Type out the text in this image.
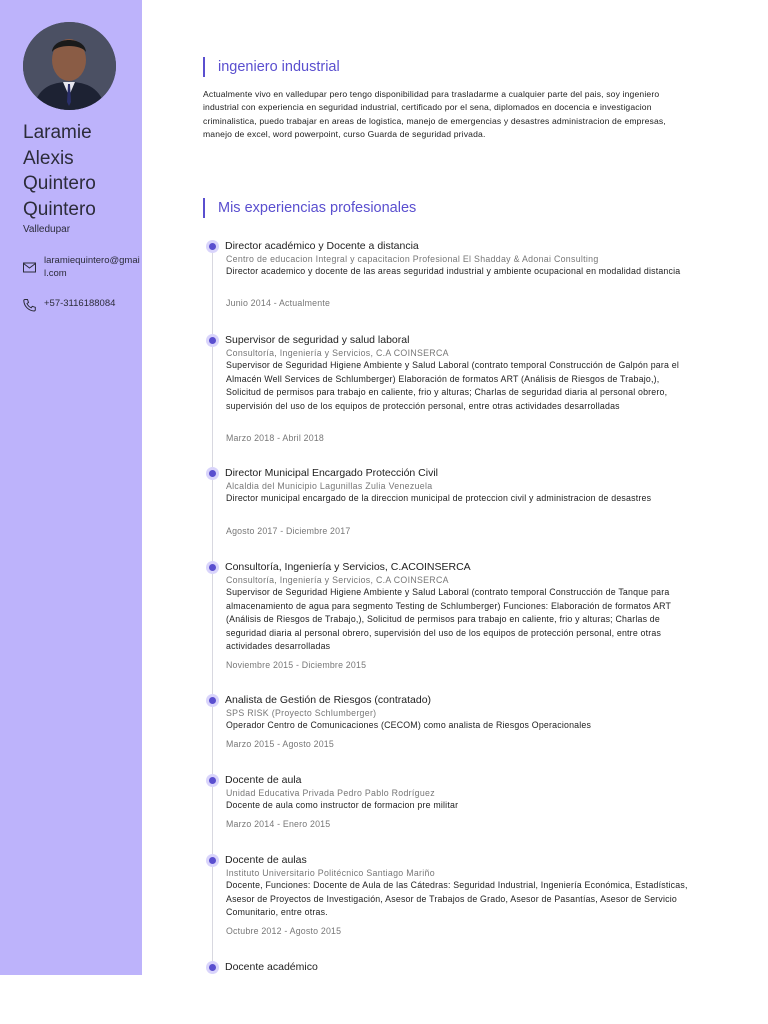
Laramie
Alexis
Quintero
Quintero
Valledupar
laramiequintero@gmail.com
+57-3116188084
ingeniero industrial

Actualmente vivo en valledupar pero tengo disponibilidad para trasladarme a cualquier parte del pais, soy ingeniero industrial con experiencia en seguridad industrial, certificado por el sena, diplomados en docencia e investigacion criminalistica, puedo trabajar en areas de logistica, manejo de emergencias y desastres administracion de empresas, manejo de excel, word powerpoint, curso Guarda de seguridad privada.

Mis experiencias profesionales
Director académico y Docente a distancia
Centro de educacion Integral y capacitacion Profesional El Shadday & Adonai Consulting
Director academico y docente de las areas seguridad industrial y ambiente ocupacional en modalidad distancia
Junio 2014 - Actualmente
Supervisor de seguridad y salud laboral
Consultoría, Ingeniería y Servicios, C.A COINSERCA
Supervisor de Seguridad Higiene Ambiente y Salud Laboral (contrato temporal Construcción de Galpón para el Almacén Well Services de Schlumberger) Elaboración de formatos ART (Análisis de Riesgos de Trabajo,), Solicitud de permisos para trabajo en caliente, frio y alturas; Charlas de seguridad diaria al personal obrero, supervisión del uso de los equipos de protección personal, entre otras actividades desarrolladas
Marzo 2018 - Abril 2018
Director Municipal Encargado Protección Civil
Alcaldia del Municipio Lagunillas Zulia Venezuela
Director municipal encargado de la direccion municipal de proteccion civil y administracion de desastres
Agosto 2017 - Diciembre 2017
Consultoría, Ingeniería y Servicios, C.ACOINSERCA
Consultoría, Ingeniería y Servicios, C.A COINSERCA
Supervisor de Seguridad Higiene Ambiente y Salud Laboral (contrato temporal Construcción de Tanque para almacenamiento de agua para segmento Testing de Schlumberger) Funciones: Elaboración de formatos ART (Análisis de Riesgos de Trabajo,), Solicitud de permisos para trabajo en caliente, frio y alturas; Charlas de seguridad diaria al personal obrero, supervisión del uso de los equipos de protección personal, entre otras actividades desarrolladas
Noviembre 2015 - Diciembre 2015
Analista de Gestión de Riesgos (contratado)
SPS RISK (Proyecto Schlumberger)
Operador Centro de Comunicaciones (CECOM) como analista de Riesgos Operacionales
Marzo 2015 - Agosto 2015
Docente de aula
Unidad Educativa Privada Pedro Pablo Rodríguez
Docente de aula como instructor de formacion pre militar
Marzo 2014 - Enero 2015
Docente de aulas
Instituto Universitario Politécnico Santiago Mariño
Docente, Funciones: Docente de Aula de las Cátedras: Seguridad Industrial, Ingeniería Económica, Estadísticas, Asesor de Proyectos de Investigación, Asesor de Trabajos de Grado, Asesor de Pasantías, Asesor de Servicio Comunitario, entre otras.
Octubre 2012 - Agosto 2015
Docente académico
